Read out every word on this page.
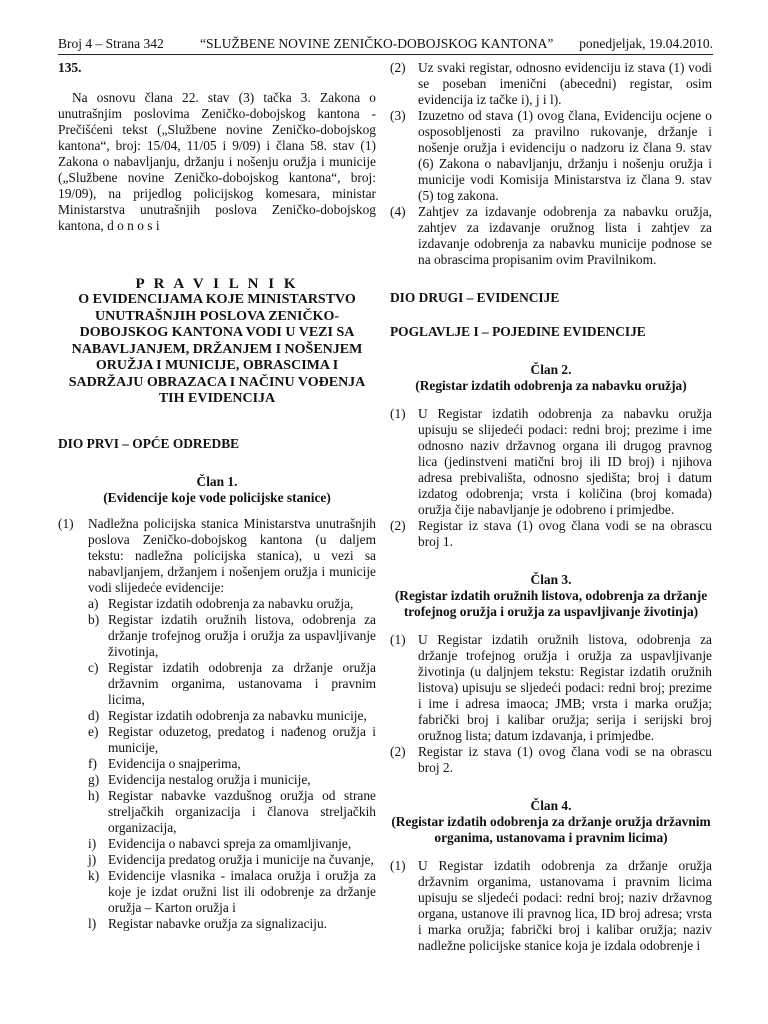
Broj 4 – Strana 342	“SLUŽBENE NOVINE ZENIČKO-DOBOJSKOG KANTONA” ponedjeljak, 19.04.2010.

135.

Na osnovu člana 22. stav (3) tačka 3. Zakona o unutrašnjim poslovima Zeničko-dobojskog kantona - Prečišćeni tekst („Službene novine Zeničko-dobojskog kantona“, broj: 15/04, 11/05 i 9/09) i člana 58. stav (1) Zakona o nabavljanju, držanju i nošenju oružja i municije („Službene novine Zeničko-dobojskog kantona“, broj: 19/09), na prijedlog policijskog komesara, ministar Ministarstva unutrašnjih poslova Zeničko-dobojskog kantona, d o n o s i

P R A V I L N I K

O EVIDENCIJAMA KOJE MINISTARSTVO UNUTRAŠNJIH POSLOVA ZENIČKO-DOBOJSKOG KANTONA VODI U VEZI SA NABAVLJANJEM, DRŽANJEM I NOŠENJEM ORUŽJA I MUNICIJE, OBRASCIMA I SADRŽAJU OBRAZACA I NAČINU VOĐENJA TIH EVIDENCIJA

DIO PRVI – OPĆE ODREDBE

Član 1.

(Evidencije koje vode policijske stanice)

(1)	Nadležna policijska stanica Ministarstva unutrašnjih poslova Zeničko-dobojskog kantona (u daljem tekstu: nadležna policijska stanica), u vezi sa nabavljanjem, držanjem i nošenjem oružja i municije vodi slijedeće evidencije:

a) Registar izdatih odobrenja za nabavku oružja,
b) Registar izdatih oružnih listova, odobrenja za držanje trofejnog oružja i oružja za uspavljivanje životinja,
c) Registar izdatih odobrenja za držanje oružja državnim organima, ustanovama i pravnim licima,
d) Registar izdatih odobrenja za nabavku municije,
e) Registar oduzetog, predatog i nađenog oružja i municije,
f) Evidencija o snajperima,
g) Evidencija nestalog oružja i municije,
h) Registar nabavke vazdušnog oružja od strane streljačkih organizacija i članova streljačkih organizacija,
i) Evidencija o nabavci spreja za omamljivanje,
j) Evidencija predatog oružja i municije na čuvanje,
k) Evidencije vlasnika - imalaca oružja i oružja za koje je izdat oružni list ili odobrenje za držanje oružja – Karton oružja i
l) Registar nabavke oružja za signalizaciju.
(2) Uz svaki registar, odnosno evidenciju iz stava (1) vodi se poseban imenični (abecedni) registar, osim evidencija iz tačke i), j i l).
(3) Izuzetno od stava (1) ovog člana, Evidenciju ocjene o osposobljenosti za pravilno rukovanje, držanje i nošenje oružja i evidenciju o nadzoru iz člana 9. stav (6) Zakona o nabavljanju, držanju i nošenju oružja i municije vodi Komisija Ministarstva iz člana 9. stav (5) tog zakona.
(4) Zahtjev za izdavanje odobrenja za nabavku oružja, zahtjev za izdavanje oružnog lista i zahtjev za izdavanje odobrenja za nabavku municije podnose se na obrascima propisanim ovim Pravilnikom.

DIO DRUGI – EVIDENCIJE

POGLAVLJE I – POJEDINE EVIDENCIJE

Član 2.

(Registar izdatih odobrenja za nabavku oružja)

(1) U Registar izdatih odobrenja za nabavku oružja upisuju se slijedeći podaci: redni broj; prezime i ime odnosno naziv državnog organa ili drugog pravnog lica (jedinstveni matični broj ili ID broj) i njihova adresa prebivališta, odnosno sjedišta; broj i datum izdatog odobrenja; vrsta i količina (broj komada) oružja čije nabavljanje je odobreno i primjedbe.
(2) Registar iz stava (1) ovog člana vodi se na obrascu broj 1.

Član 3.

(Registar izdatih oružnih listova, odobrenja za držanje trofejnog oružja i oružja za uspavljivanje životinja)

(1) U Registar izdatih oružnih listova, odobrenja za držanje trofejnog oružja i oružja za uspavljivanje životinja (u daljnjem tekstu: Registar izdatih oružnih listova) upisuju se sljedeći podaci: redni broj; prezime i ime i adresa imaoca; JMB; vrsta i marka oružja; fabrički broj i kalibar oružja; serija i serijski broj oružnog lista; datum izdavanja, i primjedbe.
(2) Registar iz stava (1) ovog člana vodi se na obrascu broj 2.

Član 4.

(Registar izdatih odobrenja za držanje oružja državnim organima, ustanovama i pravnim licima)

(1) U Registar izdatih odobrenja za držanje oružja državnim organima, ustanovama i pravnim licima upisuju se sljedeći podaci: redni broj; naziv državnog organa, ustanove ili pravnog lica, ID broj adresa; vrsta i marka oružja; fabrički broj i kalibar oružja; naziv nadležne policijske stanice koja je izdala odobrenje i
